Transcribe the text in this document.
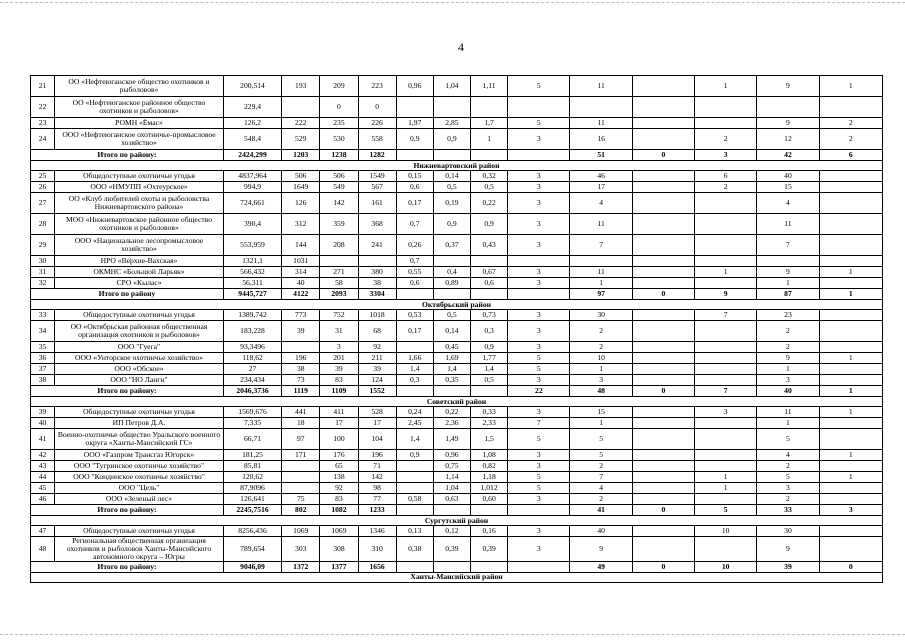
4
21	ОО «Нефтеюганское общество охотников и рыболовов»	200,514	193	209	223	0,96	1,04	1,11	5	11		1	9	1
22	ОО «Нефтеюганское районное общество охотников и рыболовов»	229,4		0	0									
23	РОМН «Ёмас»	126,2	222	235	226	1,97	2,85	1,7	5	11			9	2
24	ООО «Нефтеюганское охотничье-промысловое хозяйство»	548,4	529	530	558	0,9	0,9	1	3	16		2	12	2
Итого по району:		2424,299	1203	1238	1282					51	0	3	42	6
Нижневартовский район														
25	Общедоступные охотничьи угодья	4837,964	506	506	1549	0,15	0,14	0,32	3	46		6	40	
26	ООО «НМУПП «Охтеурское»	994,9	1649	549	567	0,6	0,5	0,5	3	17		2	15	
27	ОО «Клуб любителей охоты и рыболовства Нижневартовского района»	724,661	126	142	161	0,17	0,19	0,22	3	4			4	
28	МОО «Нижневартовское районное общество охотников и рыболовов»	390,4	312	359	368	0,7	0,9	0,9	3	11			11	
29	ООО «Национальное лесопромысловое хозяйство»	553,959	144	208	241	0,26	0,37	0,43	3	7			7	
30	НРО «Верхне-Ваxская»	1321,1	1031			0,7								
31	ОКМНС «Большой Ларьяк»	566,432	314	271	380	0,55	0,4	0,67	3	11		1	9	1
32	СРО «Кылас»	56,311	40	58	38	0,6	0,89	0,6	3	1			1	
Итого по району		9445,727	4122	2093	3304					97	0	9	87	1
Октябрьский район														
33	Общедоступные охотничьи угодья	1389,742	773	752	1018	0,53	0,5	0,73	3	30		7	23	
34	ОО «Октябрьская районная общественная организация охотников и рыболовов»	183,228	39	31	68	0,17	0,14	0,3	3	2			2	
35	ООО "Гуега"	93,3496		3	92		0,45	0,9	3	2			2	
36	ООО «Унторское охотничье хозяйство»	118,62	196	201	211	1,66	1,69	1,77	5	10			9	1
37	ООО «Обское»	27	38	39	39	1,4	1,4	1,4	5	1			1	
38	ООО "НО Ланги"	234,434	73	83	124	0,3	0,35	0,5	3	3			3	
Итого по району:		2046,3736	1119	1109	1552				22	48	0	7	40	1
Советский район														
39	Общедоступные охотничьи угодья	1569,676	441	411	528	0,24	0,22	0,33	3	15		3	11	1
40	ИП Петров Д.А.	7,335	18	17	17	2,45	2,36	2,33	7	1			1	
41	Военно-охотничье общество Уральского военного округа «Ханты-Мансийский ГС»	66,71	97	100	104	1,4	1,49	1,5	5	5			5	
42	ООО «Газпром Трансгаз Югорск»	181,25	171	176	196	0,9	0,96	1,08	3	5			4	1
43	ООО "Тугринское охотничье хозяйство"	85,81		65	71		0,75	0,82	3	2			2	
44	ООО "Кондинское охотничье хозяйство"	120,62		138	142		1,14	1,18	5	7		1	5	1
45	ООО "Цель"	87,9096		92	98		1,04	1,012	5	4		1	3	
46	ООО «Зеленый лес»	126,641	75	83	77	0,58	0,63	0,60	3	2			2	
Итого по району:		2245,7516	802	1082	1233					41	0	5	33	3
Сургутский район														
47	Общедоступные охотничьи угодья	8256,436	1069	1069	1346	0,13	0,12	0,16	3	40		10	30	
48	Региональная общественная организация охотников и рыболовов Ханты-Мансийского автономного округа – Югры	789,654	303	308	310	0,38	0,39	0,39	3	9			9	
Итого по району:		9046,09	1372	1377	1656					49	0	10	39	0
Ханты-Мансийский район														
